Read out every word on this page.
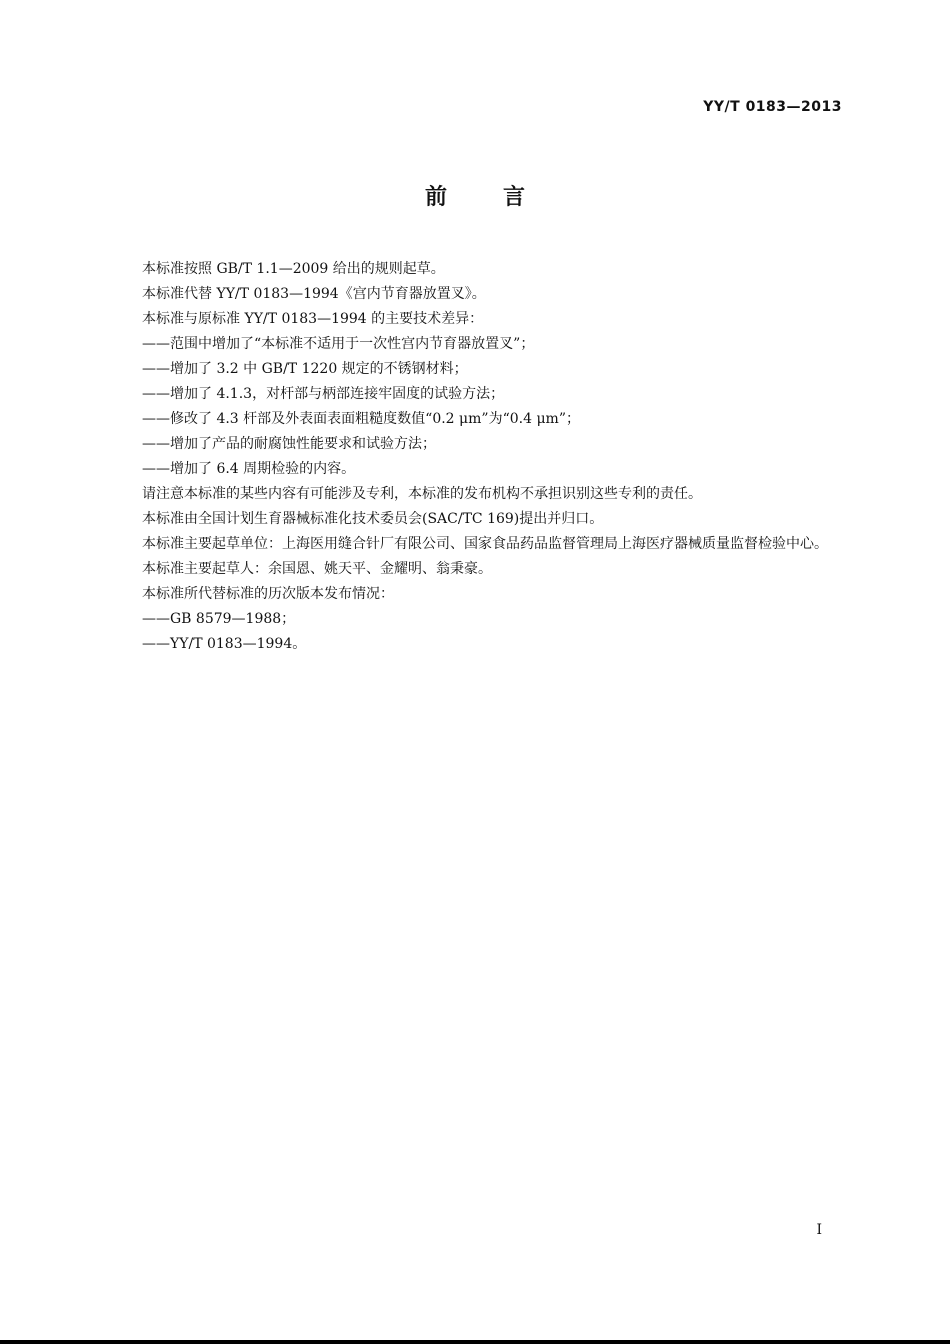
YY/T 0183—2013
前言

本标准按照 GB/T 1.1—2009 给出的规则起草。

本标准代替 YY/T 0183—1994《宫内节育器放置叉》。

本标准与原标准 YY/T 0183—1994 的主要技术差异：

——范围中增加了“本标准不适用于一次性宫内节育器放置叉”；

——增加了 3.2 中 GB/T 1220 规定的不锈钢材料；

——增加了 4.1.3，对杆部与柄部连接牢固度的试验方法；

——修改了 4.3 杆部及外表面表面粗糙度数值“0.2 μm”为“0.4 μm”；

——增加了产品的耐腐蚀性能要求和试验方法；

——增加了 6.4 周期检验的内容。

请注意本标准的某些内容有可能涉及专利，本标准的发布机构不承担识别这些专利的责任。

本标准由全国计划生育器械标准化技术委员会(SAC/TC 169)提出并归口。

本标准主要起草单位：上海医用缝合针厂有限公司、国家食品药品监督管理局上海医疗器械质量监督检验中心。

本标准主要起草人：余国恩、姚天平、金耀明、翁秉豪。

本标准所代替标准的历次版本发布情况：

——GB 8579—1988；

——YY/T 0183—1994。

I
